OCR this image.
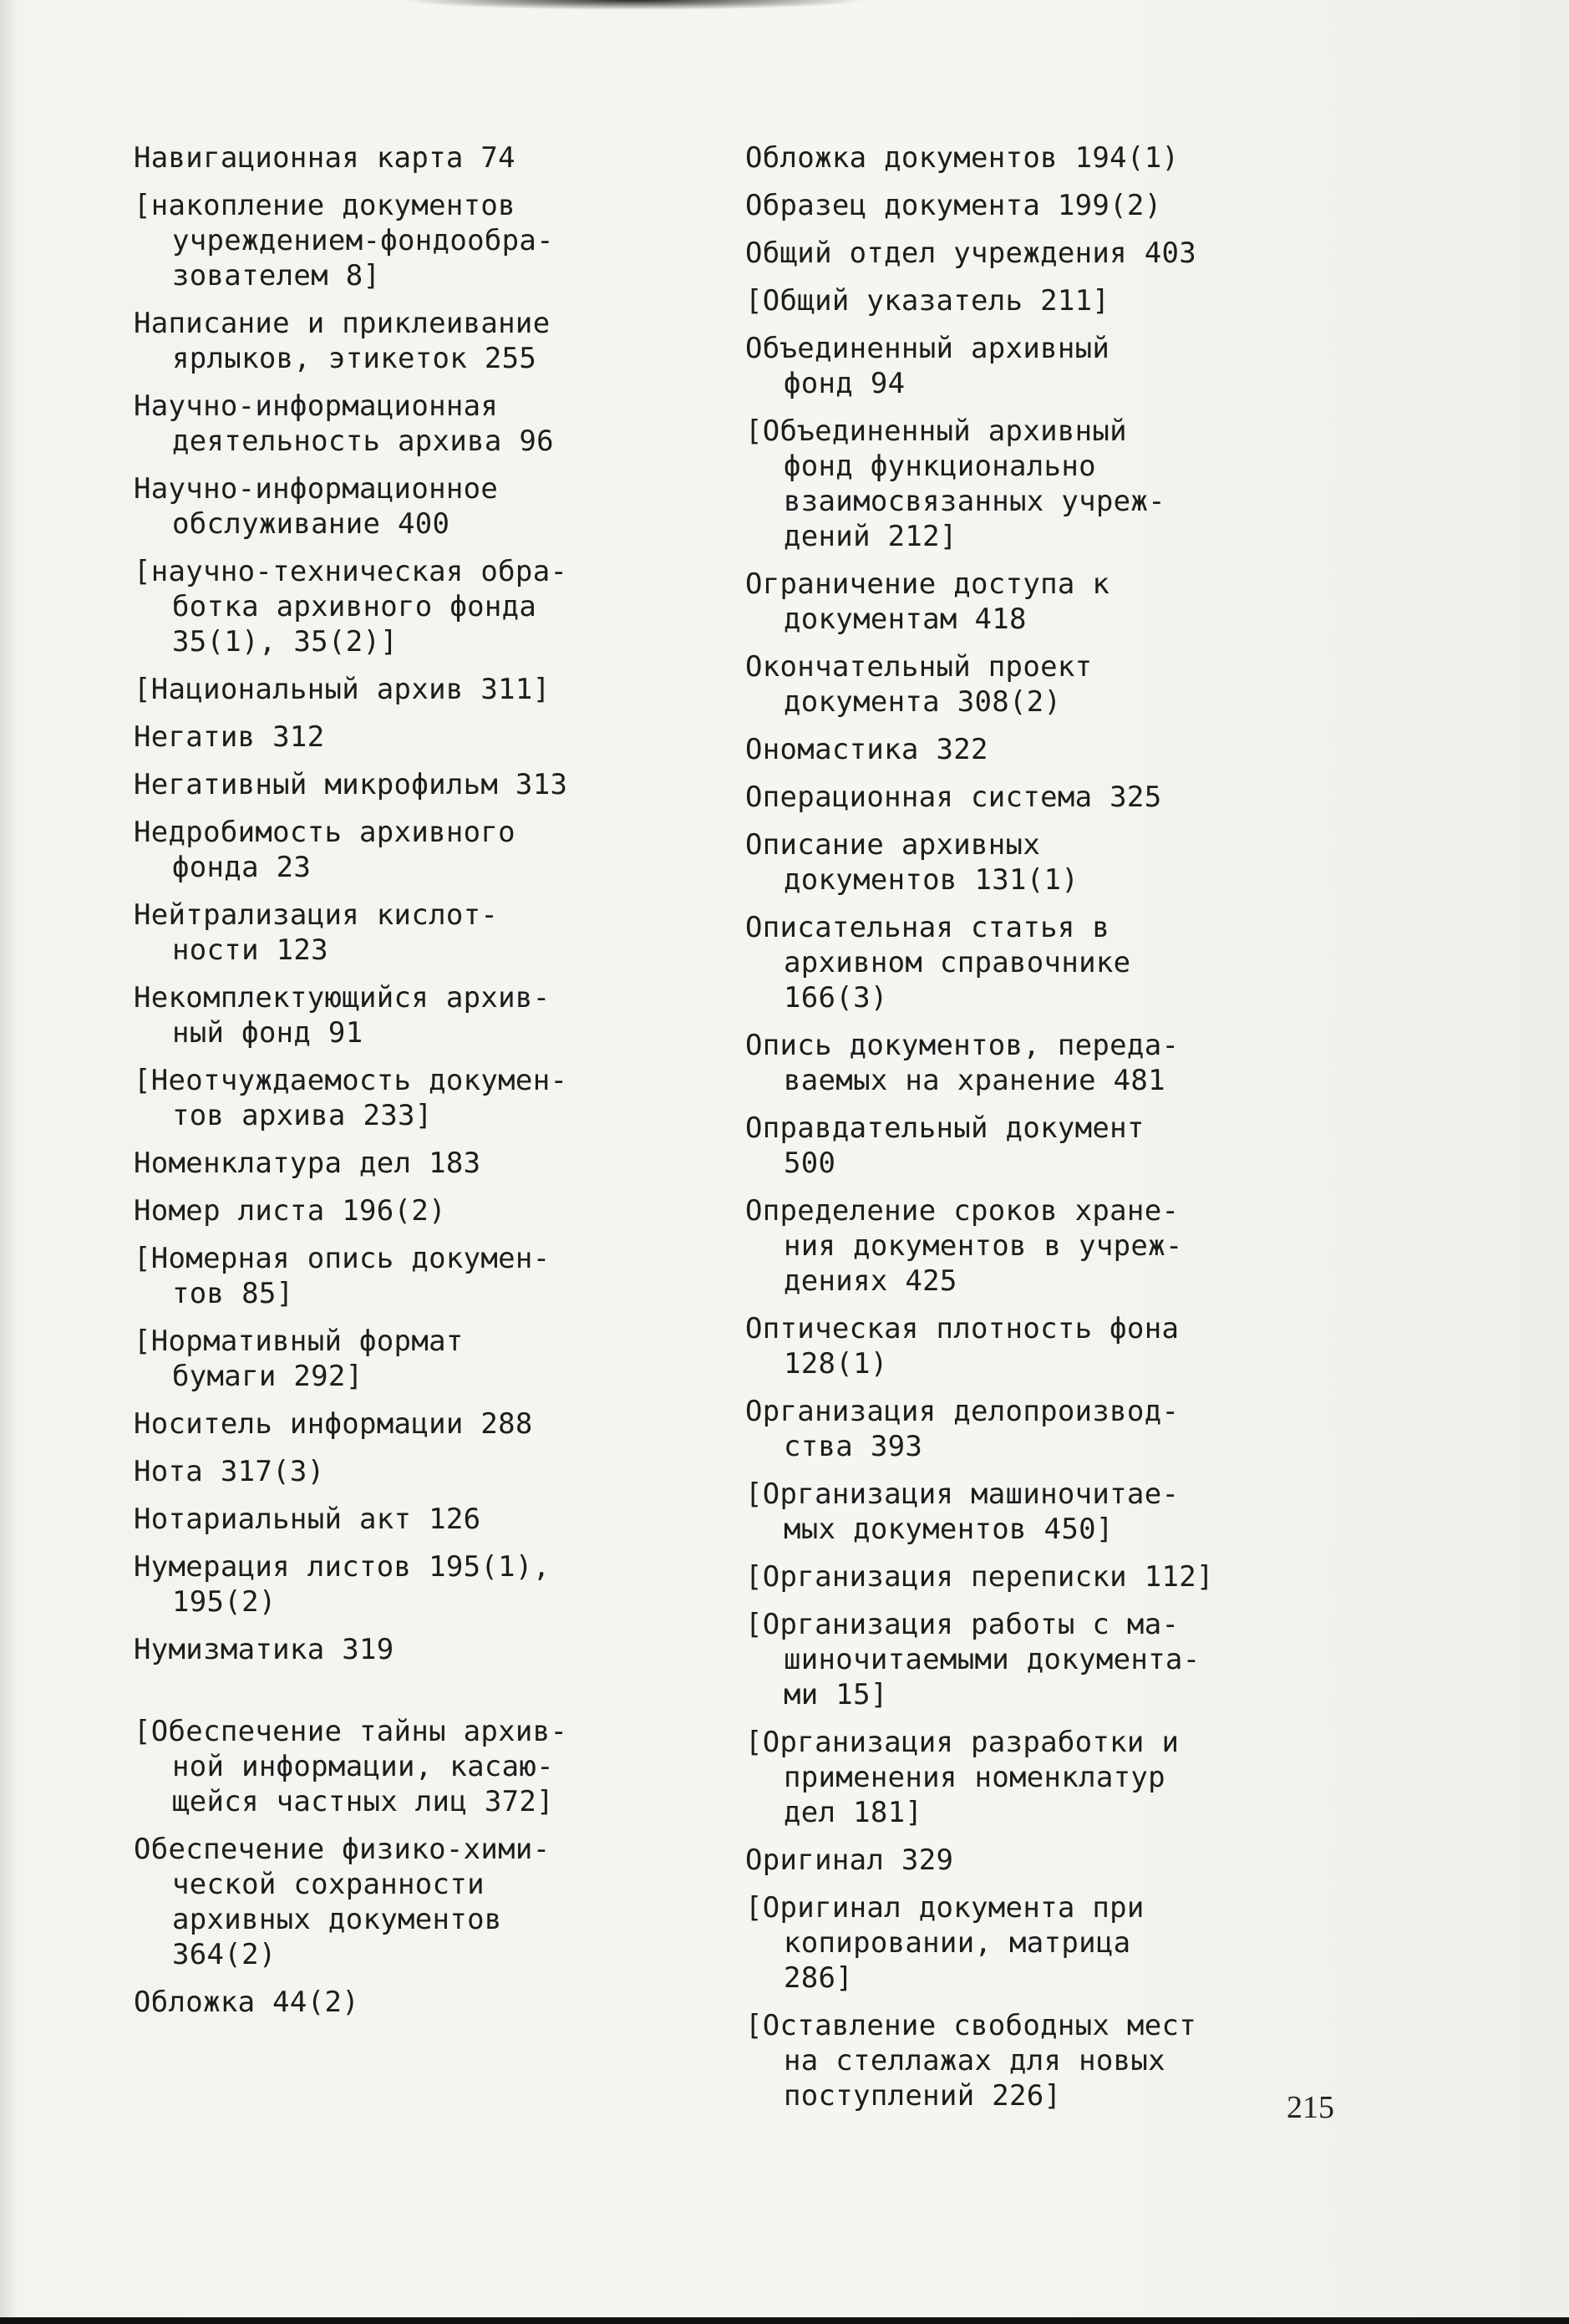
Навигационная карта 74
[накопление документов
учреждением-фондообра-
зователем 8]
Написание и приклеивание
ярлыков, этикеток 255
Научно-информационная
деятельность архива 96
Научно-информационное
обслуживание 400
[научно-техническая обра-
ботка архивного фонда
35(1), 35(2)]
[Национальный архив 311]
Негатив 312
Негативный микрофильм 313
Недробимость архивного
фонда 23
Нейтрализация кислот-
ности 123
Некомплектующийся архив-
ный фонд 91
[Неотчуждаемость докумен-
тов архива 233]
Номенклатура дел 183
Номер листа 196(2)
[Номерная опись докумен-
тов 85]
[Нормативный формат
бумаги 292]
Носитель информации 288
Нота 317(3)
Нотариальный акт 126
Нумерация листов 195(1),
195(2)
Нумизматика 319
[Обеспечение тайны архив-
ной информации, касаю-
щейся частных лиц 372]
Обеспечение физико-хими-
ческой сохранности
архивных документов
364(2)
Обложка 44(2)
Обложка документов 194(1)
Образец документа 199(2)
Общий отдел учреждения 403
[Общий указатель 211]
Объединенный архивный
фонд 94
[Объединенный архивный
фонд функционально
взаимосвязанных учреж-
дений 212]
Ограничение доступа к
документам 418
Окончательный проект
документа 308(2)
Ономастика 322
Операционная система 325
Описание архивных
документов 131(1)
Описательная статья в
архивном справочнике
166(3)
Опись документов, переда-
ваемых на хранение 481
Оправдательный документ
500
Определение сроков хране-
ния документов в учреж-
дениях 425
Оптическая плотность фона
128(1)
Организация делопроизвод-
ства 393
[Организация машиночитае-
мых документов 450]
[Организация переписки 112]
[Организация работы с ма-
шиночитаемыми документа-
ми 15]
[Организация разработки и
применения номенклатур
дел 181]
Оригинал 329
[Оригинал документа при
копировании, матрица
286]
[Оставление свободных мест
на стеллажах для новых
поступлений 226]	215
